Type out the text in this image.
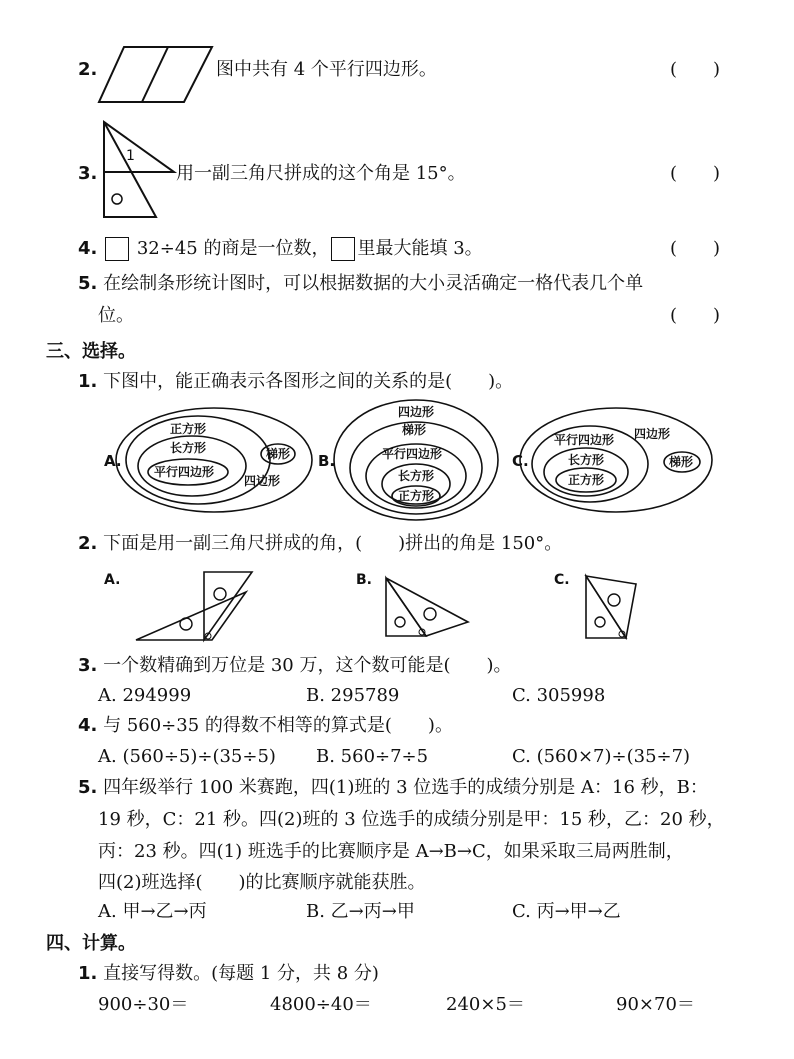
2.	图中共有 4 个平行四边形。	(　　)
3.
1
用一副三角尺拼成的这个角是 15°。	(　　)
4. 32÷45 的商是一位数， 里最大能填 3。	(　　)
5. 在绘制条形统计图时，可以根据数据的大小灵活确定一格代表几个单
位。	(　　)
三、选择。
1. 下图中，能正确表示各图形之间的关系的是(　　)。
A.
正方形
长方形
平行四边形
四边形
梯形 B.
四边形
梯形
平行四边形
长方形
正方形
C.
平行四边形 四边形
长方形
正方形
梯形
2. 下面是用一副三角尺拼成的角，(　　)拼出的角是 150°。
A.	B.	C.
3. 一个数精确到万位是 30 万，这个数可能是(　　)。
A. 294999	B. 295789	C. 305998
4. 与 560÷35 的得数不相等的算式是(　　)。
A. (560÷5)÷(35÷5) B. 560÷7÷5	C. (560×7)÷(35÷7)
5. 四年级举行 100 米赛跑，四(1)班的 3 位选手的成绩分别是 A：16 秒，B：
19 秒，C：21 秒。四(2)班的 3 位选手的成绩分别是甲：15 秒，乙：20 秒，
丙：23 秒。四(1) 班选手的比赛顺序是 A→B→C，如果采取三局两胜制，
四(2)班选择(　　)的比赛顺序就能获胜。
A. 甲→乙→丙	B. 乙→丙→甲	C. 丙→甲→乙
四、计算。
1. 直接写得数。(每题 1 分，共 8 分)
900÷30＝	4800÷40＝	240×5＝	90×70＝
